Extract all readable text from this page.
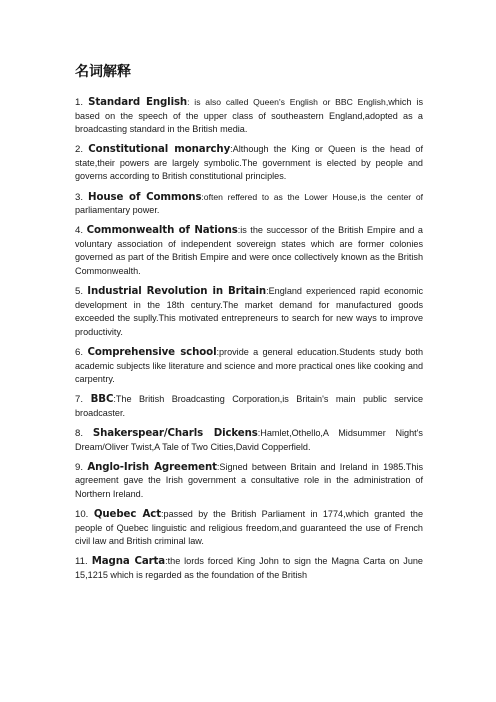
名词解释

1. Standard English: is also called Queen's English or BBC English,which is based on the speech of the upper class of southeastern England,adopted as a broadcasting standard in the British media.

2. Constitutional monarchy:Although the King or Queen is the head of state,their powers are largely symbolic.The government is elected by people and governs according to British constitutional principles.

3. House of Commons:often reffered to as the Lower House,is the center of parliamentary power.

4. Commonwealth of Nations:is the successor of the British Empire and a voluntary association of independent sovereign states which are former colonies governed as part of the British Empire and were once collectively known as the British Commonwealth.

5. Industrial Revolution in Britain:England experienced rapid economic development in the 18th century.The market demand for manufactured goods exceeded the suplly.This motivated entrepreneurs to search for new ways to improve productivity.

6. Comprehensive school:provide a general education.Students study both academic subjects like literature and science and more practical ones like cooking and carpentry.

7. BBC:The British Broadcasting Corporation,is Britain's main public service broadcaster.

8. Shakerspear/Charls Dickens:Hamlet,Othello,A Midsummer Night's Dream/Oliver Twist,A Tale of Two Cities,David Copperfield.

9. Anglo-Irish Agreement:Signed between Britain and Ireland in 1985.This agreement gave the Irish government a consultative role in the administration of Northern Ireland.

10. Quebec Act:passed by the British Parliament in 1774,which granted the people of Quebec linguistic and religious freedom,and guaranteed the use of French civil law and British criminal law.

11. Magna Carta:the lords forced King John to sign the Magna Carta on June 15,1215 which is regarded as the foundation of the British
